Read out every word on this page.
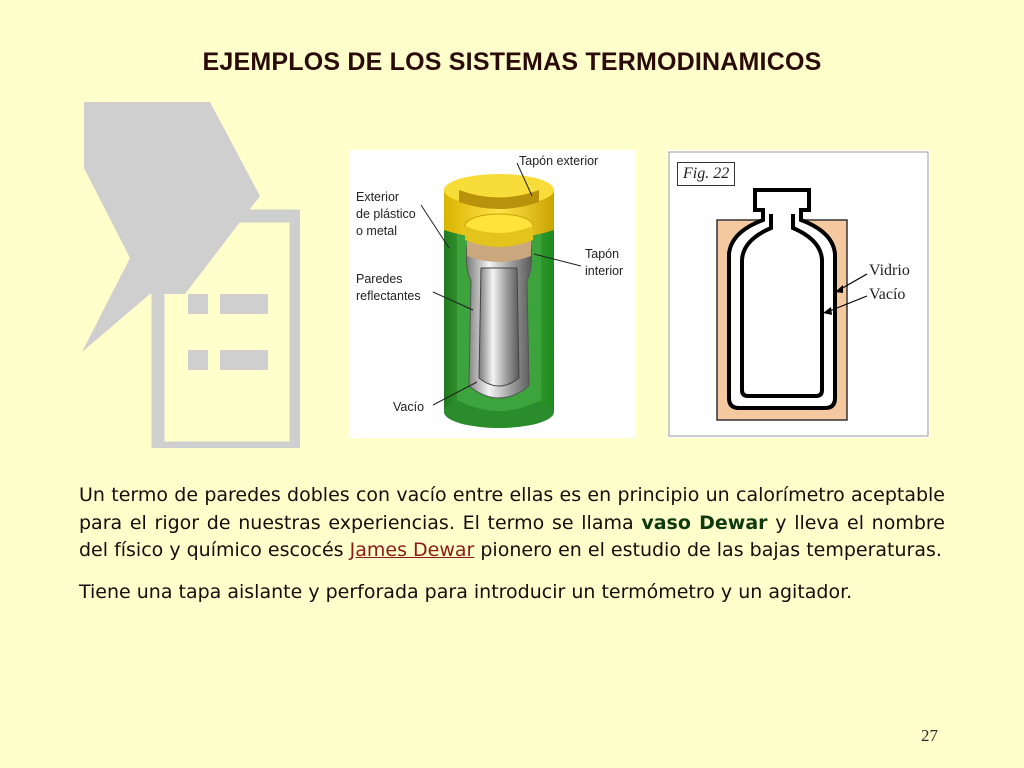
EJEMPLOS DE LOS SISTEMAS TERMODINAMICOS
Tapón exterior
Exterior
de plástico
o metal
Tapón
interior
Paredes
reflectantes
Vacío
Fig. 22
Vidrio
Vacío

Un termo de paredes dobles con vacío entre ellas es en principio un calorímetro aceptable para el rigor de nuestras experiencias. El termo se llama vaso Dewar y lleva el nombre del físico y químico escocés James Dewar pionero en el estudio de las bajas temperaturas.

Tiene una tapa aislante y perforada para introducir un termómetro y un agitador.

27
